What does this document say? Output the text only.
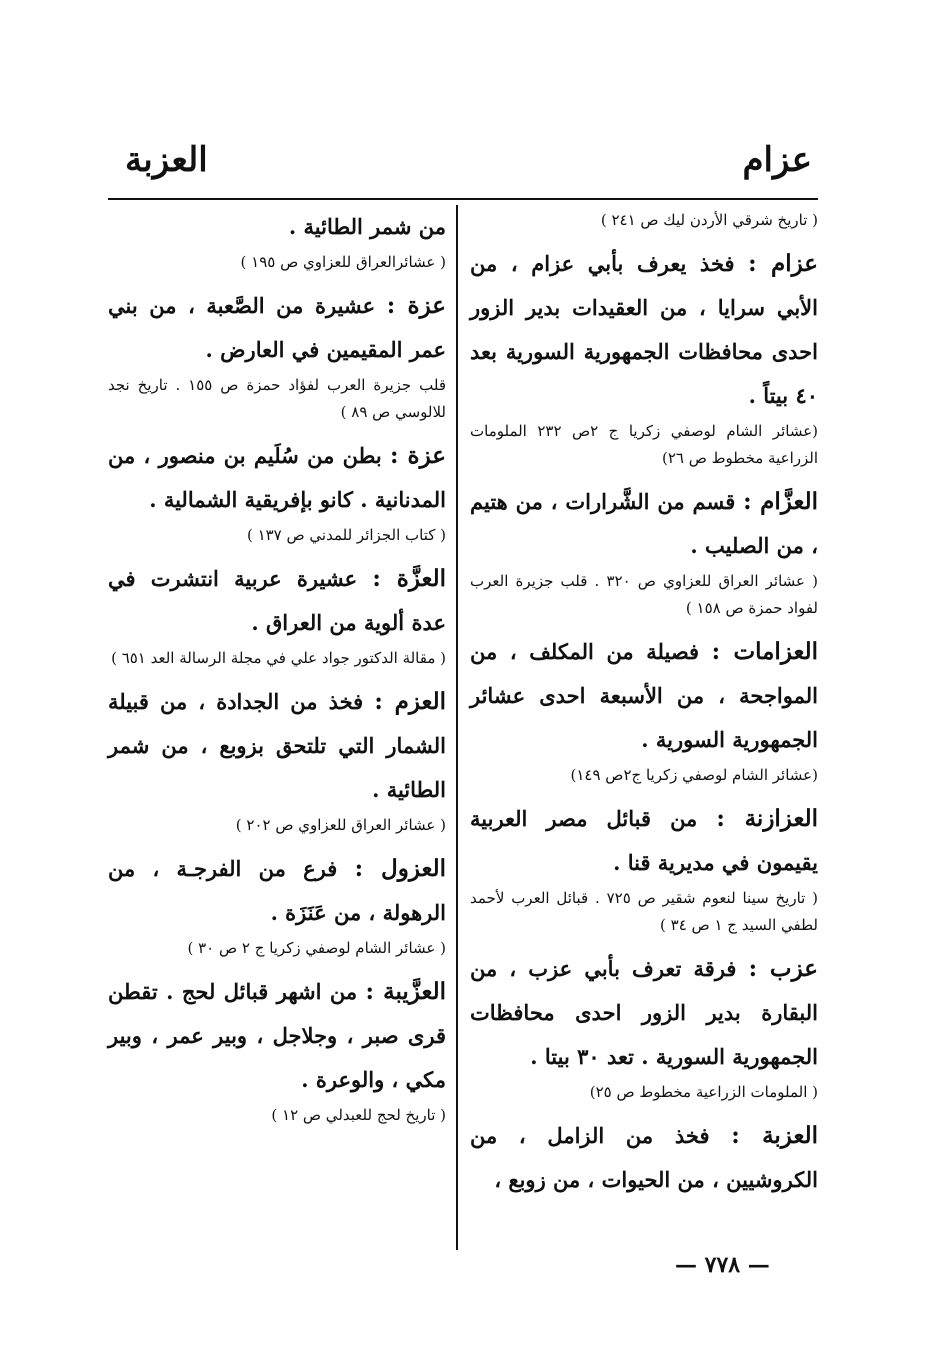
عزام
العزبة

( تاريخ شرقي الأردن ليك ص ٢٤١ )

عزام : فخذ يعرف بأبي عزام ، من الأبي سرايا ، من العقيدات بدير الزور احدى محافظات الجمهورية السورية بعد ٤٠ بيتاً .

(عشائر الشام لوصفي زكريا ج ٢ص ٢٣٢ الملومات الزراعية مخطوط ص ٢٦)

العزَّام : قسم من الشَّرارات ، من هتيم ، من الصليب .

( عشائر العراق للعزاوي ص ٣٢٠ . قلب جزيرة العرب لفواد حمزة ص ١٥٨ )

العزامات : فصيلة من المكلف ، من المواجحة ، من الأسبعة احدى عشائر الجمهورية السورية .

(عشائر الشام لوصفي زكريا ج٢ص ١٤٩)

العزازنة : من قبائل مصر العربية يقيمون في مديرية قنا .

( تاريخ سينا لنعوم شقير ص ٧٢٥ . قبائل العرب لأحمد لطفي السيد ج ١ ص ٣٤ )

عزب : فرقة تعرف بأبي عزب ، من البقارة بدير الزور احدى محافظات الجمهورية السورية . تعد ٣٠ بيتا .

( الملومات الزراعية مخطوط ص ٢٥)

العزبة : فخذ من الزامل ، من الكروشيين ، من الحيوات ، من زوبع ،

من شمر الطائية .

( عشائرالعراق للعزاوي ص ١٩٥ )

عزة : عشيرة من الصَّعبة ، من بني عمر المقيمين في العارض .

قلب جزيرة العرب لفؤاد حمزة ص ١٥٥ . تاريخ نجد للالوسي ص ٨٩ )

عزة : بطن من سُلَيم بن منصور ، من المدنانية . كانو بإفريقية الشمالية .

( كتاب الجزائر للمدني ص ١٣٧ )

العزَّة : عشيرة عربية انتشرت في عدة ألوية من العراق .

( مقالة الدكتور جواد علي في مجلة الرسالة العد ٦٥١ )

العزم : فخذ من الجدادة ، من قبيلة الشمار التي تلتحق بزوبع ، من شمر الطائية .

( عشائر العراق للعزاوي ص ٢٠٢ )

العزول : فرع من الفرجـة ، من الرهولة ، من عَنَزَة .

( عشائر الشام لوصفي زكريا ج ٢ ص ٣٠ )

العزَّيبة : من اشهر قبائل لحج . تقطن قرى صبر ، وجلاجل ، وبير عمر ، وبير مكي ، والوعرة .

( تاريخ لحج للعبدلي ص ١٢ )

— ٧٧٨ —
